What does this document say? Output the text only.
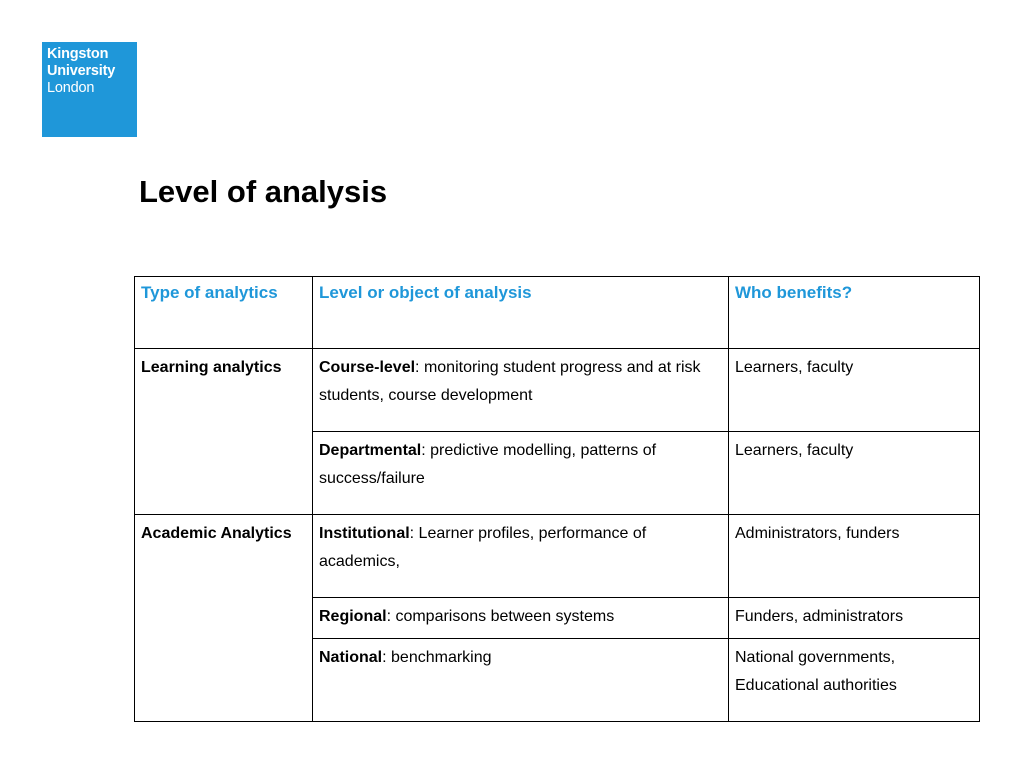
Kingston
University
London
Level of analysis
Type of analytics	Level or object of analysis	Who benefits?
Learning analytics	Course-level: monitoring student progress and at risk students, course development	Learners, faculty
	Departmental: predictive modelling, patterns of success/failure	Learners, faculty
Academic Analytics	Institutional: Learner profiles, performance of academics,	Administrators, funders
	Regional: comparisons between systems	Funders, administrators
	National: benchmarking	National governments, Educational authorities
